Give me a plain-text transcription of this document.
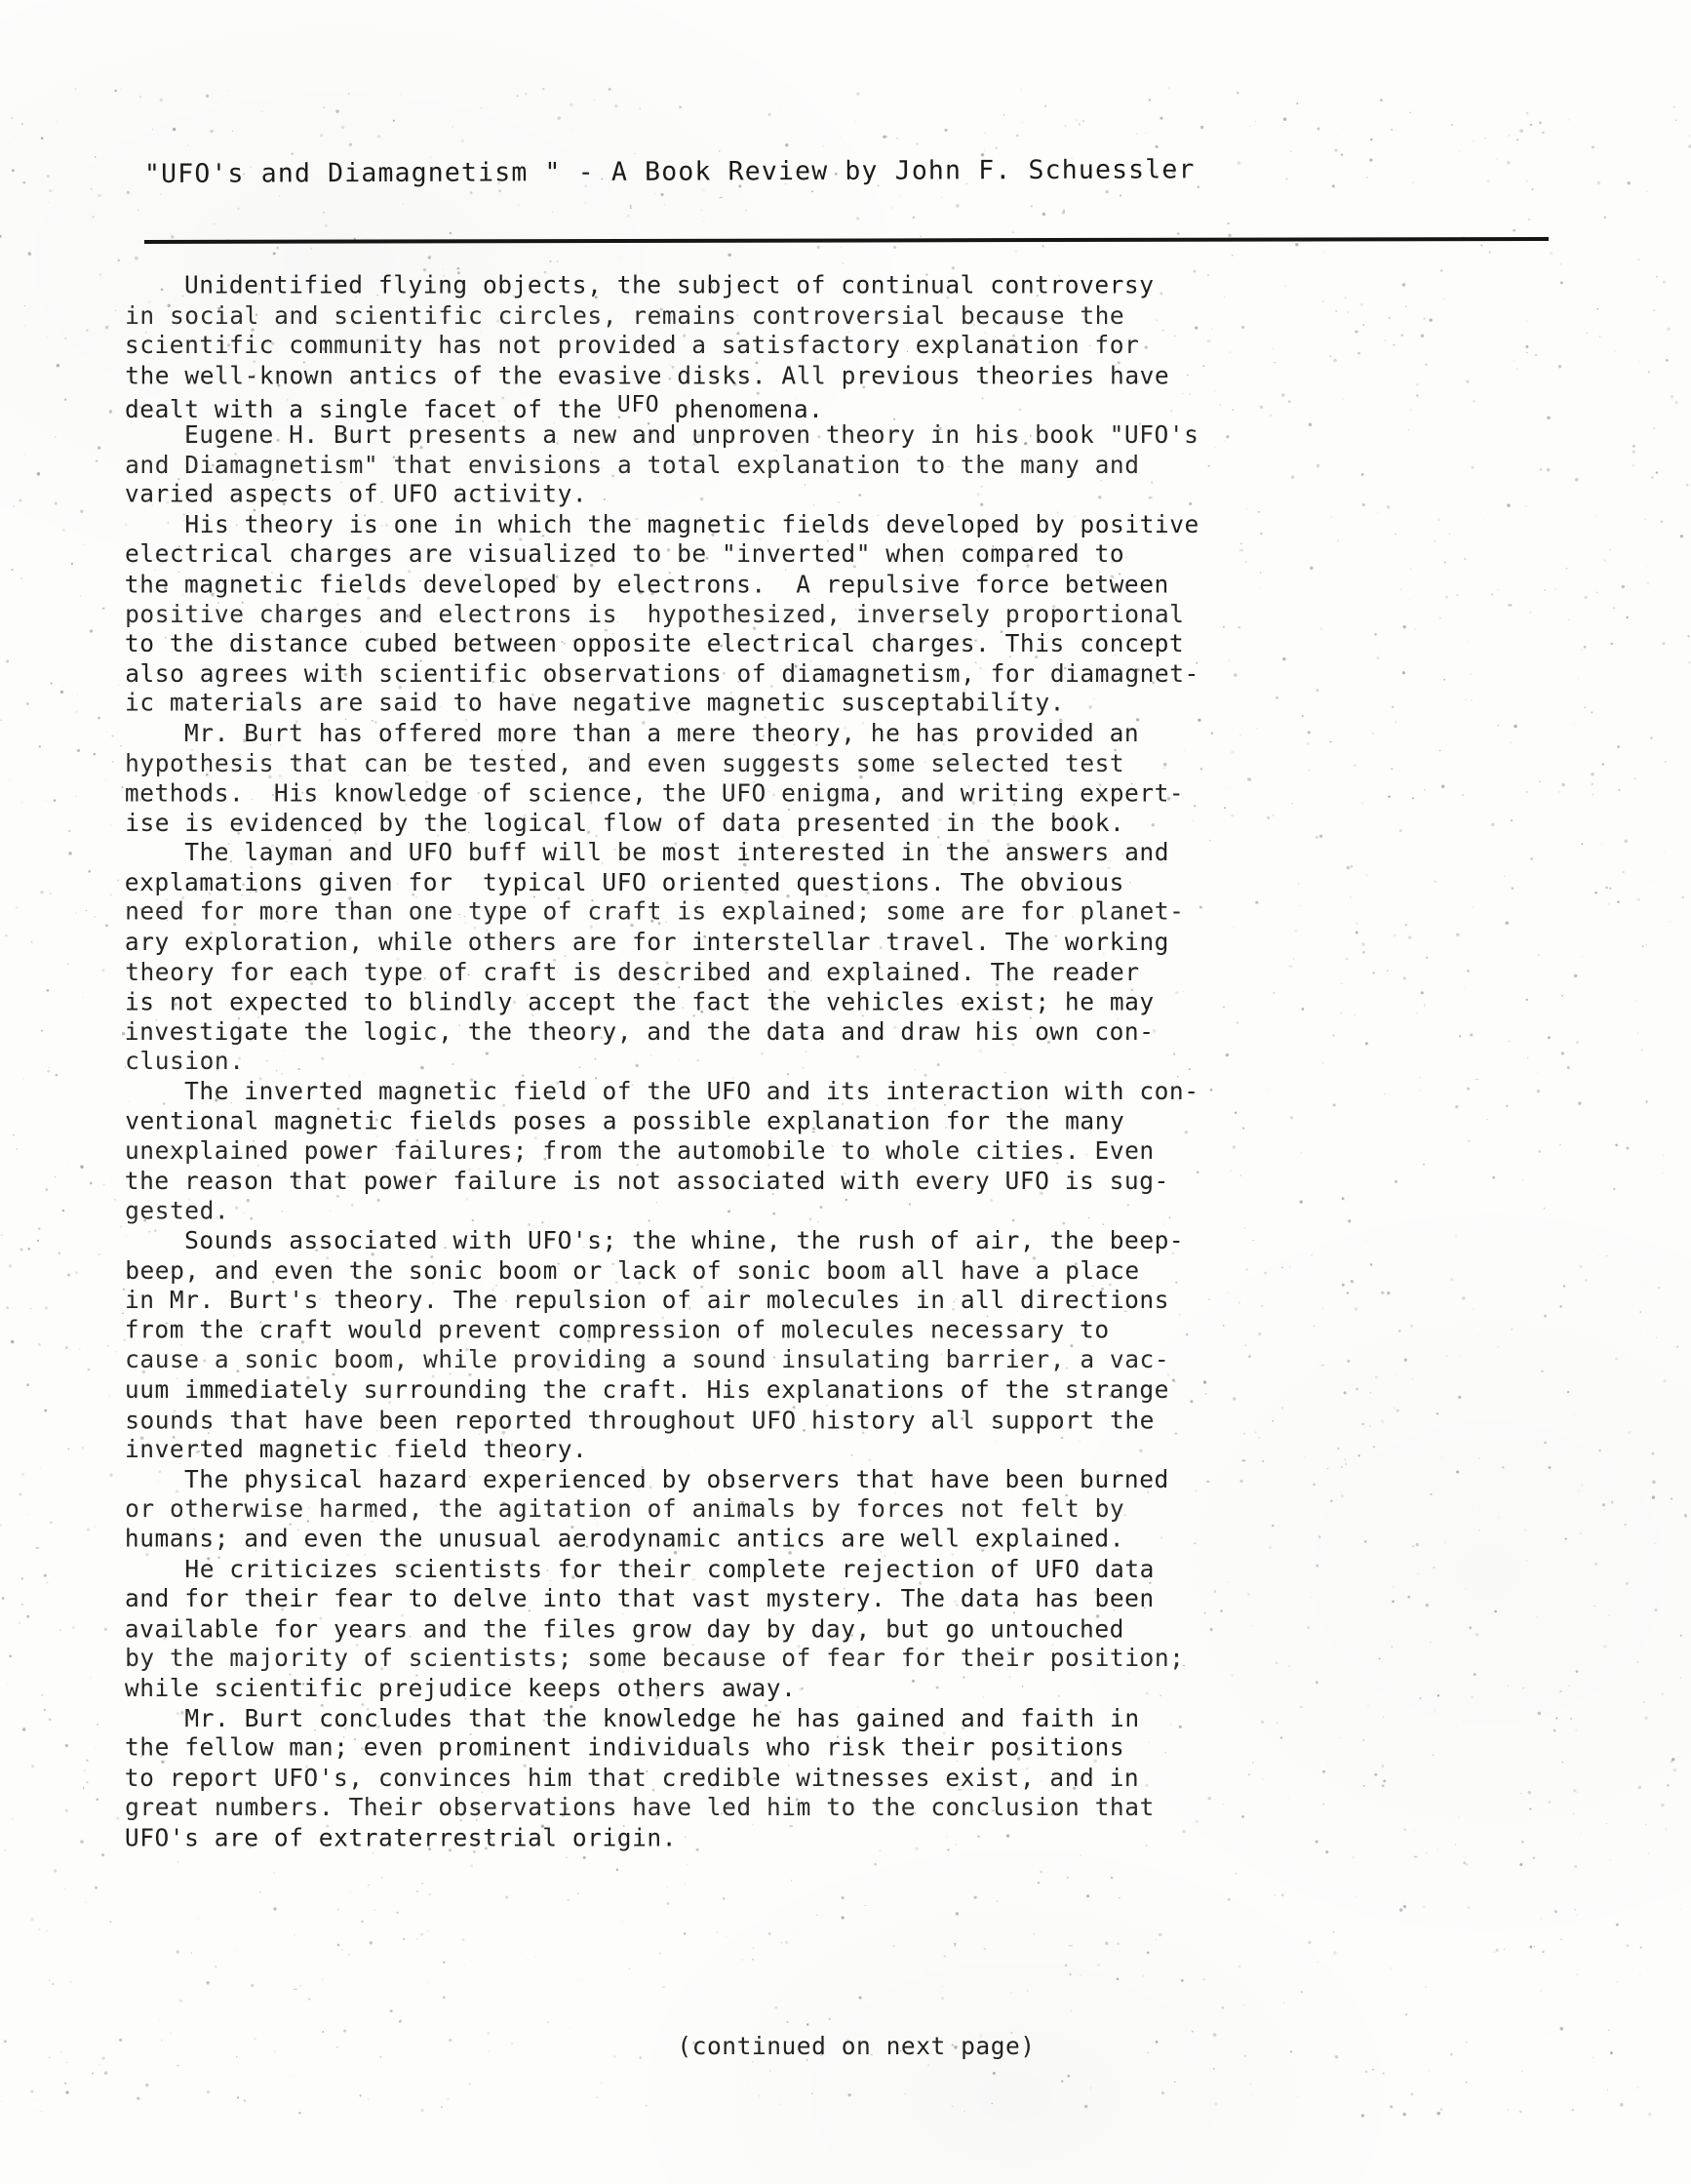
"UFO's and Diamagnetism " - A Book Review by John F. Schuessler
Unidentified flying objects, the subject of continual controversy
in social and scientific circles, remains controversial because the
scientific community has not provided a satisfactory explanation for
the well-known antics of the evasive disks. All previous theories have
dealt with a single facet of the UFO phenomena.
Eugene H. Burt presents a new and unproven theory in his book "UFO's
and Diamagnetism" that envisions a total explanation to the many and
varied aspects of UFO activity.
His theory is one in which the magnetic fields developed by positive
electrical charges are visualized to be "inverted" when compared to
the magnetic fields developed by electrons.  A repulsive force between
positive charges and electrons is  hypothesized, inversely proportional
to the distance cubed between opposite electrical charges. This concept
also agrees with scientific observations of diamagnetism, for diamagnet-
ic materials are said to have negative magnetic susceptability.
Mr. Burt has offered more than a mere theory, he has provided an
hypothesis that can be tested, and even suggests some selected test
methods.  His knowledge of science, the UFO enigma, and writing expert-
ise is evidenced by the logical flow of data presented in the book.
The layman and UFO buff will be most interested in the answers and
explamations given for  typical UFO oriented questions. The obvious
need for more than one type of craft is explained; some are for planet-
ary exploration, while others are for interstellar travel. The working
theory for each type of craft is described and explained. The reader
is not expected to blindly accept the fact the vehicles exist; he may
investigate the logic, the theory, and the data and draw his own con-
clusion.
The inverted magnetic field of the UFO and its interaction with con-
ventional magnetic fields poses a possible explanation for the many
unexplained power failures; from the automobile to whole cities. Even
the reason that power failure is not associated with every UFO is sug-
gested.
Sounds associated with UFO's; the whine, the rush of air, the beep-
beep, and even the sonic boom or lack of sonic boom all have a place
in Mr. Burt's theory. The repulsion of air molecules in all directions
from the craft would prevent compression of molecules necessary to
cause a sonic boom, while providing a sound insulating barrier, a vac-
uum immediately surrounding the craft. His explanations of the strange
sounds that have been reported throughout UFO history all support the
inverted magnetic field theory.
The physical hazard experienced by observers that have been burned
or otherwise harmed, the agitation of animals by forces not felt by
humans; and even the unusual aerodynamic antics are well explained.
He criticizes scientists for their complete rejection of UFO data
and for their fear to delve into that vast mystery. The data has been
available for years and the files grow day by day, but go untouched
by the majority of scientists; some because of fear for their position;
while scientific prejudice keeps others away.
Mr. Burt concludes that the knowledge he has gained and faith in
the fellow man; even prominent individuals who risk their positions
to report UFO's, convinces him that credible witnesses exist, and in
great numbers. Their observations have led him to the conclusion that
UFO's are of extraterrestrial origin.
(continued on next page)
